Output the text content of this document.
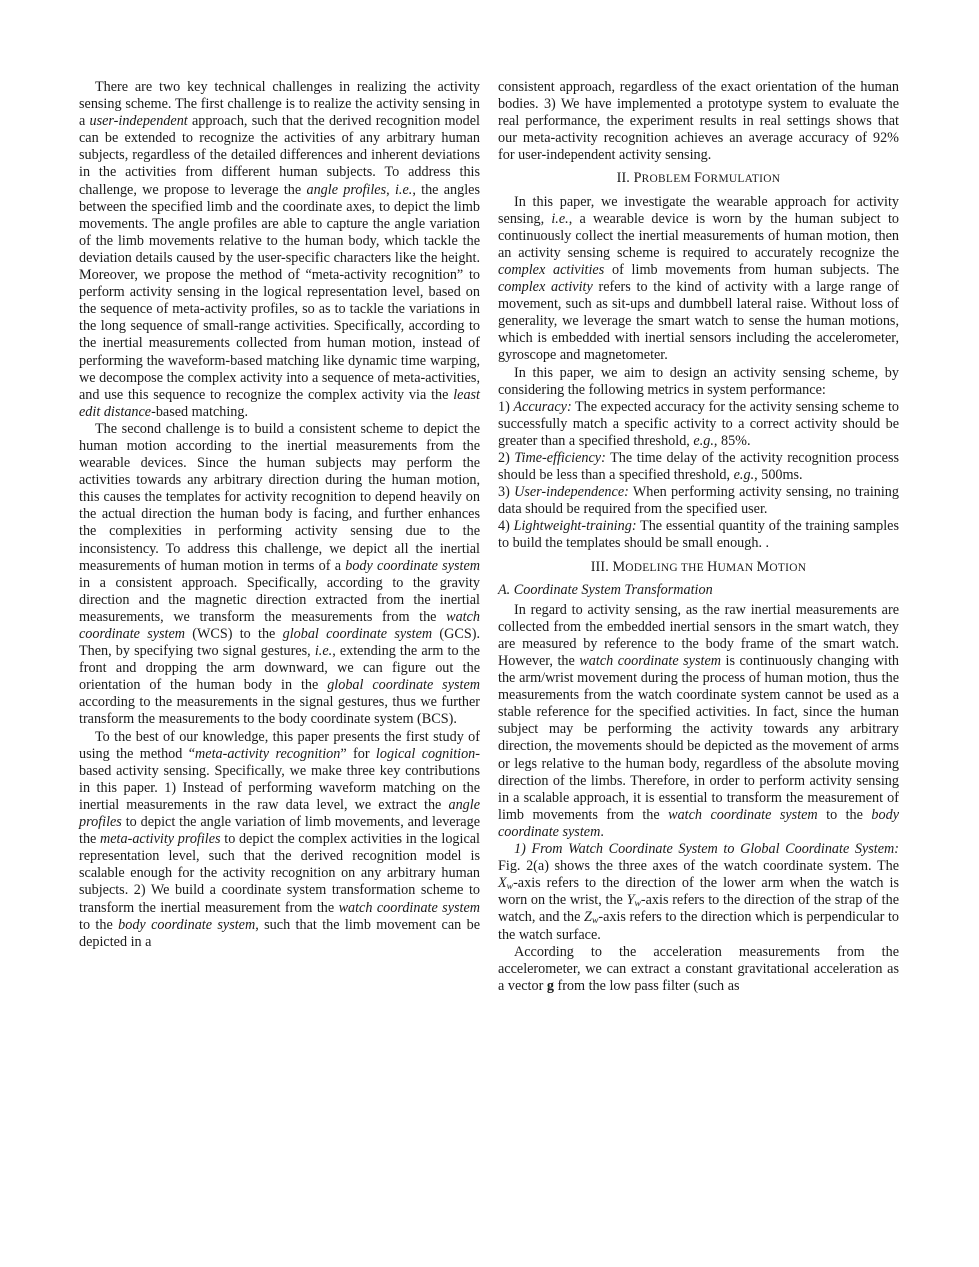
There are two key technical challenges in realizing the activity sensing scheme. The first challenge is to realize the activity sensing in a user-independent approach, such that the derived recognition model can be extended to recognize the activities of any arbitrary human subjects, regardless of the detailed differences and inherent deviations in the activities from different human subjects. To address this challenge, we propose to leverage the angle profiles, i.e., the angles between the specified limb and the coordinate axes, to depict the limb movements. The angle profiles are able to capture the angle variation of the limb movements relative to the human body, which tackle the deviation details caused by the user-specific characters like the height. Moreover, we propose the method of “meta-activity recognition” to perform activity sensing in the logical representation level, based on the sequence of meta-activity profiles, so as to tackle the variations in the long sequence of small-range activities. Specifically, according to the inertial measurements collected from human motion, instead of performing the waveform-based matching like dynamic time warping, we decompose the complex activity into a sequence of meta-activities, and use this sequence to recognize the complex activity via the least edit distance-based matching.

The second challenge is to build a consistent scheme to depict the human motion according to the inertial measurements from the wearable devices. Since the human subjects may perform the activities towards any arbitrary direction during the human motion, this causes the templates for activity recognition to depend heavily on the actual direction the human body is facing, and further enhances the complexities in performing activity sensing due to the inconsistency. To address this challenge, we depict all the inertial measurements of human motion in terms of a body coordinate system in a consistent approach. Specifically, according to the gravity direction and the magnetic direction extracted from the inertial measurements, we transform the measurements from the watch coordinate system (WCS) to the global coordinate system (GCS). Then, by specifying two signal gestures, i.e., extending the arm to the front and dropping the arm downward, we can figure out the orientation of the human body in the global coordinate system according to the measurements in the signal gestures, thus we further transform the measurements to the body coordinate system (BCS).

To the best of our knowledge, this paper presents the first study of using the method “meta-activity recognition” for logical cognition-based activity sensing. Specifically, we make three key contributions in this paper. 1) Instead of performing waveform matching on the inertial measurements in the raw data level, we extract the angle profiles to depict the angle variation of limb movements, and leverage the meta-activity profiles to depict the complex activities in the logical representation level, such that the derived recognition model is scalable enough for the activity recognition on any arbitrary human subjects. 2) We build a coordinate system transformation scheme to transform the inertial measurement from the watch coordinate system to the body coordinate system, such that the limb movement can be depicted in a

consistent approach, regardless of the exact orientation of the human bodies. 3) We have implemented a prototype system to evaluate the real performance, the experiment results in real settings shows that our meta-activity recognition achieves an average accuracy of 92% for user-independent activity sensing.

II. PROBLEM FORMULATION

In this paper, we investigate the wearable approach for activity sensing, i.e., a wearable device is worn by the human subject to continuously collect the inertial measurements of human motion, then an activity sensing scheme is required to accurately recognize the complex activities of limb movements from human subjects. The complex activity refers to the kind of activity with a large range of movement, such as sit-ups and dumbbell lateral raise. Without loss of generality, we leverage the smart watch to sense the human motions, which is embedded with inertial sensors including the accelerometer, gyroscope and magnetometer.

In this paper, we aim to design an activity sensing scheme, by considering the following metrics in system performance:

1) Accuracy: The expected accuracy for the activity sensing scheme to successfully match a specific activity to a correct activity should be greater than a specified threshold, e.g., 85%.

2) Time-efficiency: The time delay of the activity recognition process should be less than a specified threshold, e.g., 500ms.

3) User-independence: When performing activity sensing, no training data should be required from the specified user.

4) Lightweight-training: The essential quantity of the training samples to build the templates should be small enough. .

III. MODELING THE HUMAN MOTION
A. Coordinate System Transformation

In regard to activity sensing, as the raw inertial measurements are collected from the embedded inertial sensors in the smart watch, they are measured by reference to the body frame of the smart watch. However, the watch coordinate system is continuously changing with the arm/wrist movement during the process of human motion, thus the measurements from the watch coordinate system cannot be used as a stable reference for the specified activities. In fact, since the human subject may be performing the activity towards any arbitrary direction, the movements should be depicted as the movement of arms or legs relative to the human body, regardless of the absolute moving direction of the limbs. Therefore, in order to perform activity sensing in a scalable approach, it is essential to transform the measurement of limb movements from the watch coordinate system to the body coordinate system.

1) From Watch Coordinate System to Global Coordinate System: Fig. 2(a) shows the three axes of the watch coordinate system. The $X_w$-axis refers to the direction of the lower arm when the watch is worn on the wrist, the $Y_w$-axis refers to the direction of the strap of the watch, and the $Z_w$-axis refers to the direction which is perpendicular to the watch surface.

According to the acceleration measurements from the accelerometer, we can extract a constant gravitational acceleration as a vector g from the low pass filter (such as
